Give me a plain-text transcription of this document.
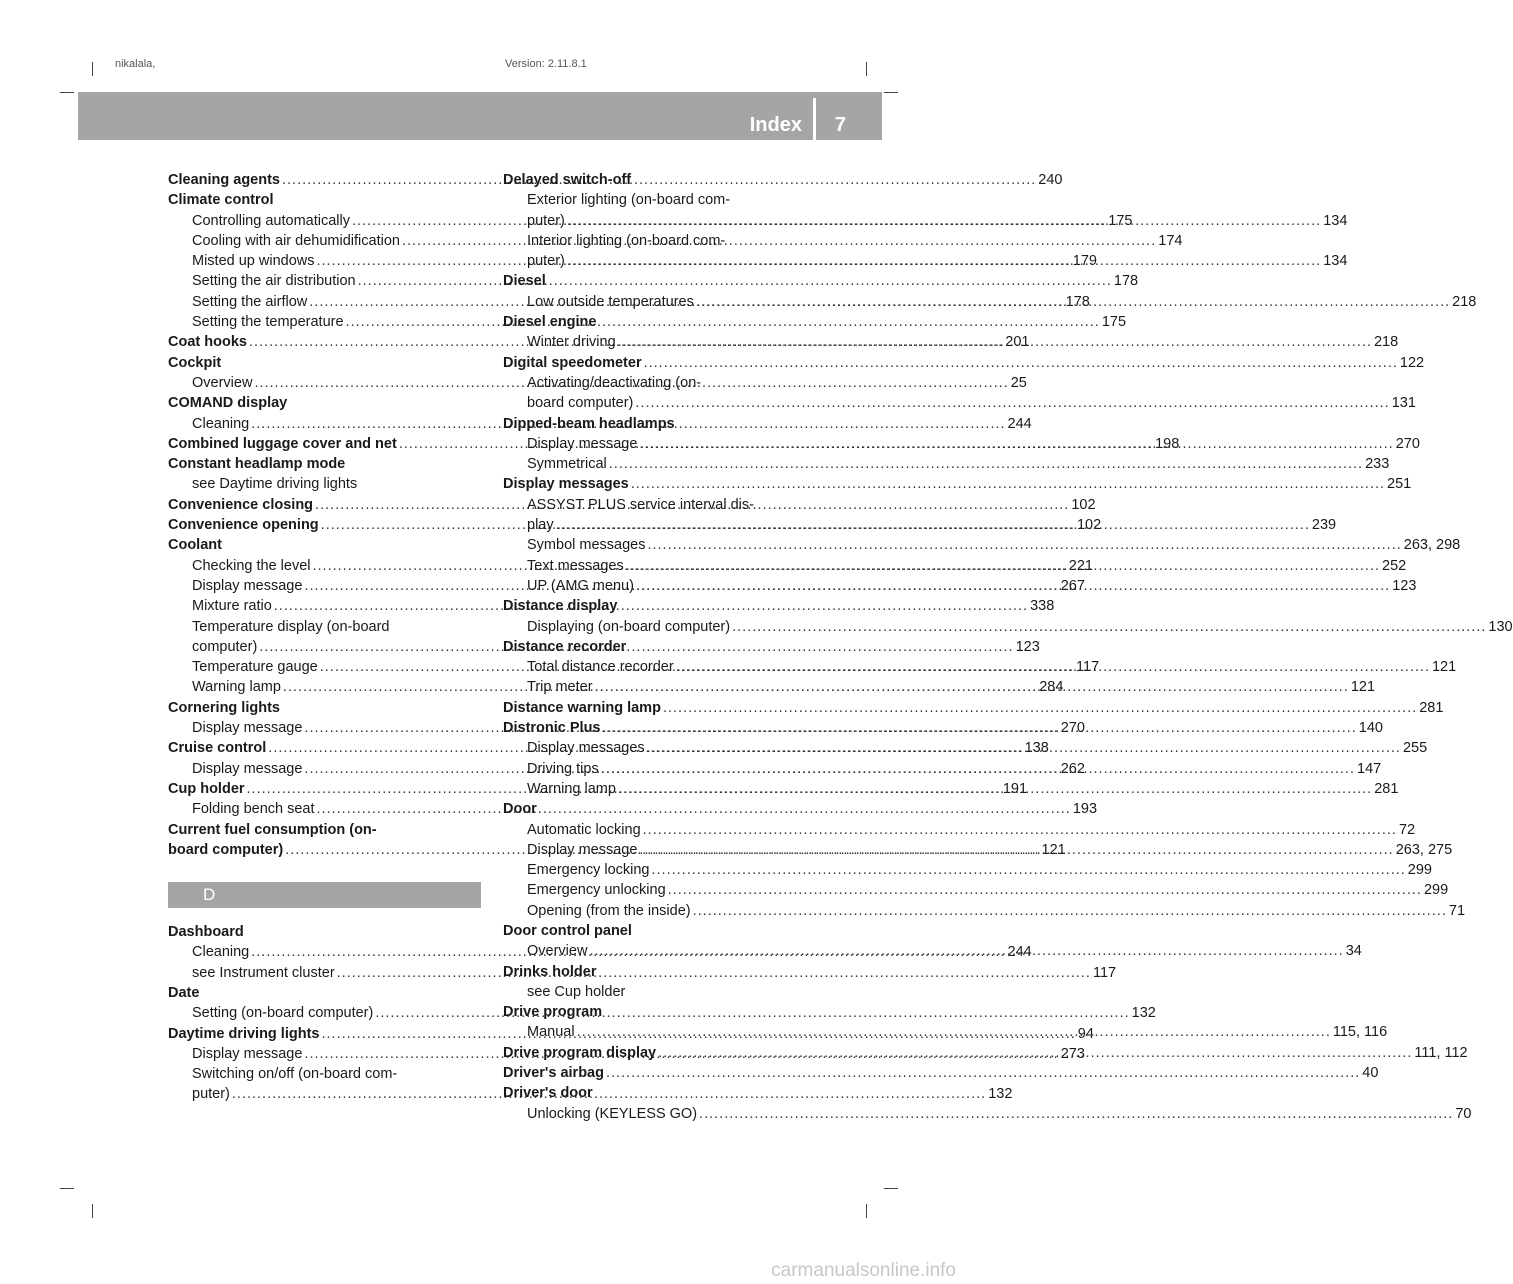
nikalala,	Version: 2.11.8.1
Index 7
Cleaning agents .....	240
Climate control
Controlling automatically .....	175
Cooling with air dehumidification .....	174
Misted up windows .....	179
Setting the air distribution .....	178
Setting the airflow .....	178
Setting the temperature .....	175
Coat hooks .....	201
Cockpit
Overview .....	25
COMAND display
Cleaning .....	244
Combined luggage cover and net .....	198
Constant headlamp mode
see Daytime driving lights
Convenience closing .....	102
Convenience opening .....	102
Coolant
Checking the level .....	221
Display message .....	267
Mixture ratio .....	338
Temperature display (on-board
computer) .....	123
Temperature gauge .....	117
Warning lamp .....	284
Cornering lights
Display message .....	270
Cruise control .....	138
Display message .....	262
Cup holder .....	191
Folding bench seat .....	193
Current fuel consumption (on-
board computer) .....	121
D
Dashboard
Cleaning .....	244
see Instrument cluster .....	117
Date
Setting (on-board computer) .....	132
Daytime driving lights .....	94
Display message .....	273
Switching on/off (on-board com-
puter) .....	132
Delayed switch-off
Exterior lighting (on-board com-
puter) .....	134
Interior lighting (on-board com-
puter) .....	134
Diesel
Low outside temperatures .....	218
Diesel engine
Winter driving .....	218
Digital speedometer .....	122
Activating/deactivating (on-
board computer) .....	131
Dipped-beam headlamps
Display message .....	270
Symmetrical .....	233
Display messages .....	251
ASSYST PLUS service interval dis-
play .....	239
Symbol messages .....	263, 298
Text messages .....	252
UP (AMG menu) .....	123
Distance display
Displaying (on-board computer) .....	130
Distance recorder
Total distance recorder .....	121
Trip meter .....	121
Distance warning lamp .....	281
Distronic Plus .....	140
Display messages .....	255
Driving tips .....	147
Warning lamp .....	281
Door
Automatic locking .....	72
Display message .....	263, 275
Emergency locking .....	299
Emergency unlocking .....	299
Opening (from the inside) .....	71
Door control panel
Overview .....	34
Drinks holder
see Cup holder
Drive program
Manual .....	115, 116
Drive program display .....	111, 112
Driver's airbag .....	40
Driver's door
Unlocking (KEYLESS GO) .....	70
carmanualsonline.info
